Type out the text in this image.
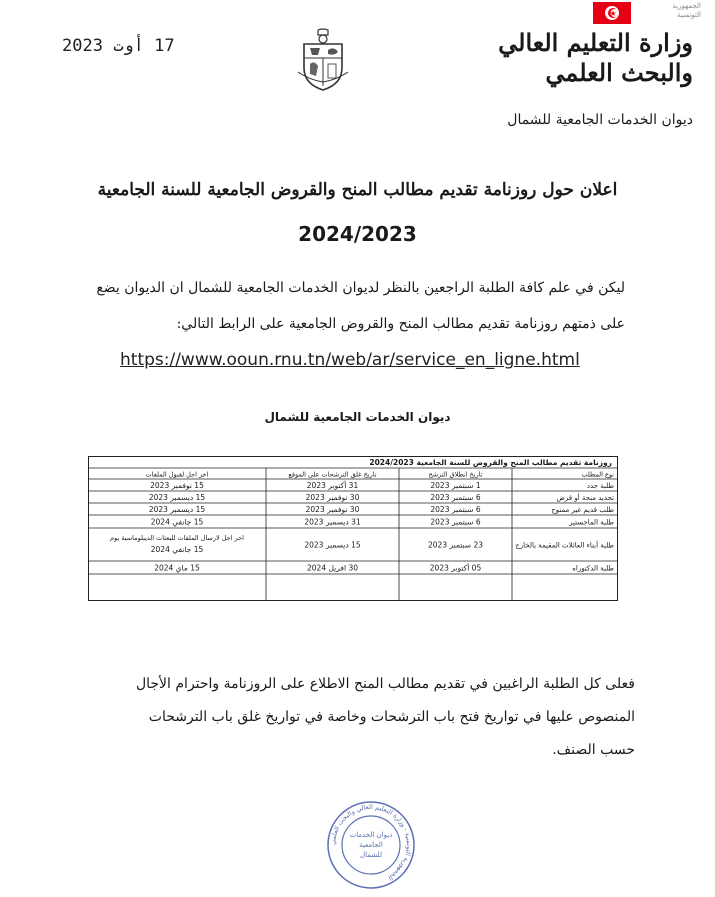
17 أوت 2023
الجمهورية
التونسية
وزارة التعليم العالي
والبحث العلمي
ديوان الخدمات الجامعية للشمال
اعلان حول روزنامة تقديم مطالب المنح والقروض الجامعية للسنة الجامعية
2024/2023
ليكن في علم كافة الطلبة الراجعين بالنظر لديوان الخدمات الجامعية للشمال ان الديوان يضع
على ذمتهم روزنامة تقديم مطالب المنح والقروض الجامعية على الرابط التالي:
https://www.ooun.rnu.tn/web/ar/service_en_ligne.html
ديوان الخدمات الجامعية للشمال
روزنامة تقديم مطالب المنح والقروض للسنة الجامعية 2024/2023
اخر اجل لقبول الملفات	تاريخ غلق الترشحات على الموقع	تاريخ انطلاق الترشح	نوع المطلب
15 نوفمبر 2023	31 أكتوبر 2023	1 سبتمبر 2023	طلبة جدد
15 ديسمبر 2023	30 نوفمبر 2023	6 سبتمبر 2023	تجديد منحة أو قرض
15 ديسمبر 2023	30 نوفمبر 2023	6 سبتمبر 2023	طلب قديم غير ممنوح
15 جانفي 2024	31 ديسمبر 2023	6 سبتمبر 2023	طلبة الماجستير
اخر اجل لارسال الملفات للبعثات الديبلوماسية يوم
15 جانفي 2024	15 ديسمبر 2023	23 سبتمبر 2023	طلبة أبناء العائلات المقيمة بالخارج
15 ماي 2024	30 افريل 2024	05 أكتوبر 2023	طلبة الدكتوراه
فعلى كل الطلبة الراغبين في تقديم مطالب المنح الاطلاع على الروزنامة واحترام الأجال
المنصوص عليها في تواريخ فتح باب الترشحات وخاصة في تواريخ غلق باب الترشحات
حسب الصنف.
الجمهورية التونسية - وزارة التعليم العالي والبحث العلمي
ديوان الخدمات
الجامعية
للشمال
